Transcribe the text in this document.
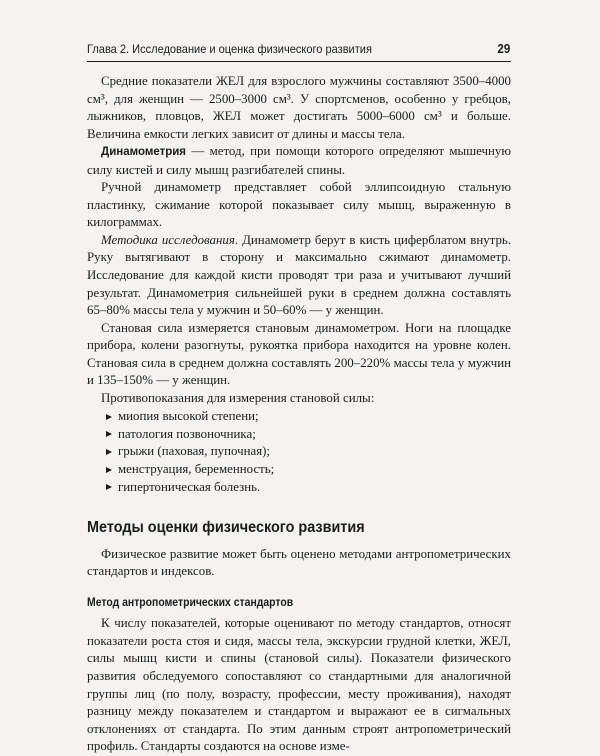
Глава 2. Исследование и оценка физического развития	29

Средние показатели ЖЕЛ для взрослого мужчины составляют 3500–4000 см³, для женщин — 2500–3000 см³. У спортсменов, особенно у гребцов, лыжников, пловцов, ЖЕЛ может достигать 5000–6000 см³ и больше. Величина емкости легких зависит от длины и массы тела.

Динамометрия — метод, при помощи которого определяют мышечную силу кистей и силу мышц разгибателей спины.

Ручной динамометр представляет собой эллипсоидную стальную пластинку, сжимание которой показывает силу мышц, выраженную в килограммах.

Методика исследования. Динамометр берут в кисть циферблатом внутрь. Руку вытягивают в сторону и максимально сжимают динамометр. Исследование для каждой кисти проводят три раза и учитывают лучший результат. Динамометрия сильнейшей руки в среднем должна составлять 65–80% массы тела у мужчин и 50–60% — у женщин.

Становая сила измеряется становым динамометром. Ноги на площадке прибора, колени разогнуты, рукоятка прибора находится на уровне колен. Становая сила в среднем должна составлять 200–220% массы тела у мужчин и 135–150% — у женщин.

Противопоказания для измерения становой силы:

миопия высокой степени;
патология позвоночника;
грыжи (паховая, пупочная);
менструация, беременность;
гипертоническая болезнь.
Методы оценки физического развития

Физическое развитие может быть оценено методами антропометрических стандартов и индексов.

Метод антропометрических стандартов

К числу показателей, которые оценивают по методу стандартов, относят показатели роста стоя и сидя, массы тела, экскурсии грудной клетки, ЖЕЛ, силы мышц кисти и спины (становой силы). Показатели физического развития обследуемого сопоставляют со стандартными для аналогичной группы лиц (по полу, возрасту, профессии, месту проживания), находят разницу между показателем и стандартом и выражают ее в сигмальных отклонениях от стандарта. По этим данным строят антропометрический профиль. Стандарты создаются на основе изме-
